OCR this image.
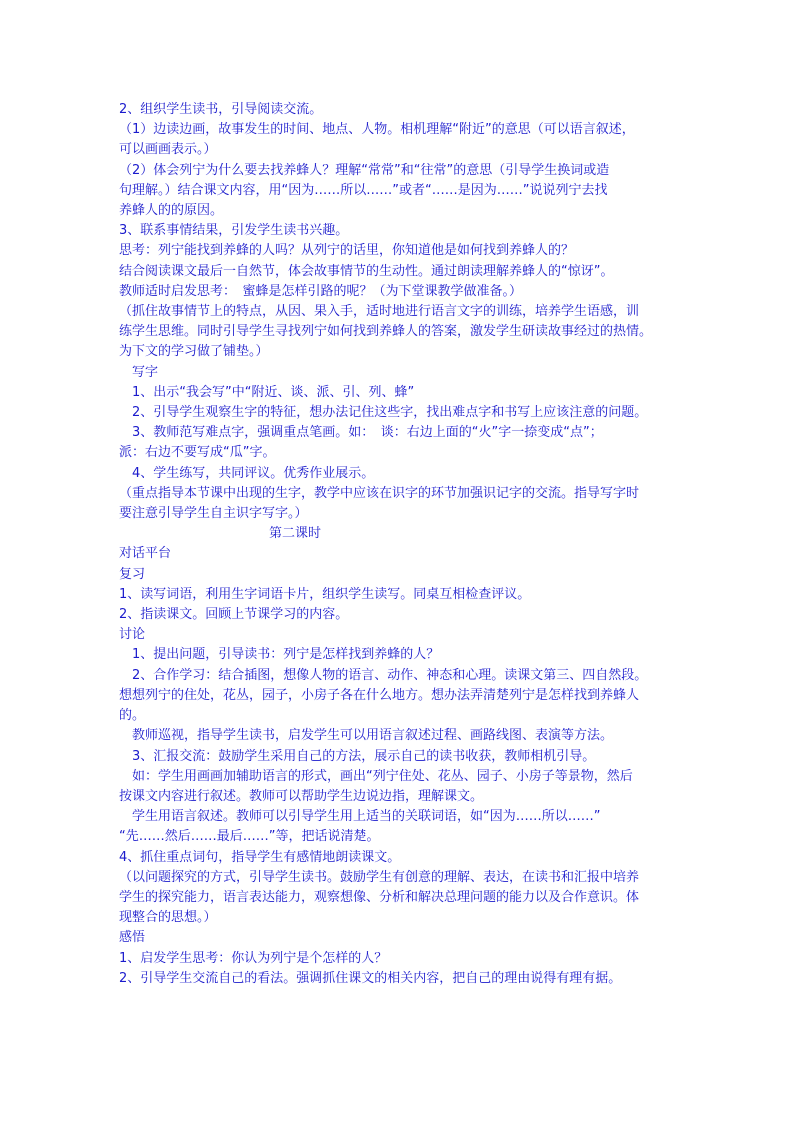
2、组织学生读书，引导阅读交流。

（1）边读边画，故事发生的时间、地点、人物。相机理解“附近”的意思（可以语言叙述，

可以画画表示。）

（2）体会列宁为什么要去找养蜂人？理解“常常”和“往常”的意思（引导学生换词或造

句理解。）结合课文内容，用“因为……所以……”或者“……是因为……”说说列宁去找

养蜂人的的原因。

3、联系事情结果，引发学生读书兴趣。

思考：列宁能找到养蜂的人吗？从列宁的话里，你知道他是如何找到养蜂人的？

结合阅读课文最后一自然节，体会故事情节的生动性。通过朗读理解养蜂人的“惊讶”。

教师适时启发思考：　蜜蜂是怎样引路的呢？（为下堂课教学做准备。）

（抓住故事情节上的特点，从因、果入手，适时地进行语言文字的训练，培养学生语感，训

练学生思维。同时引导学生寻找列宁如何找到养蜂人的答案，激发学生研读故事经过的热情。

为下文的学习做了铺垫。）

　写字

　1、出示“我会写”中“附近、谈、派、引、列、蜂”

　2、引导学生观察生字的特征，想办法记住这些字，找出难点字和书写上应该注意的问题。

　3、教师范写难点字，强调重点笔画。如：　谈：右边上面的“火”字一捺变成“点”；

派：右边不要写成“瓜”字。

　4、学生练写，共同评议。优秀作业展示。

（重点指导本节课中出现的生字，教学中应该在识字的环节加强识记字的交流。指导写字时

要注意引导学生自主识字写字。）

第二课时

对话平台

复习

1、读写词语，利用生字词语卡片，组织学生读写。同桌互相检查评议。

2、指读课文。回顾上节课学习的内容。

讨论

　1、提出问题，引导读书：列宁是怎样找到养蜂的人？

　2、合作学习：结合插图，想像人物的语言、动作、神态和心理。读课文第三、四自然段。

想想列宁的住处，花丛，园子，小房子各在什么地方。想办法弄清楚列宁是怎样找到养蜂人

的。

　教师巡视，指导学生读书，启发学生可以用语言叙述过程、画路线图、表演等方法。

　3、汇报交流：鼓励学生采用自己的方法，展示自己的读书收获，教师相机引导。

　如：学生用画画加辅助语言的形式，画出“列宁住处、花丛、园子、小房子等景物，然后

按课文内容进行叙述。教师可以帮助学生边说边指，理解课文。

　学生用语言叙述。教师可以引导学生用上适当的关联词语，如“因为……所以……”

“先……然后……最后……”等，把话说清楚。

4、抓住重点词句，指导学生有感情地朗读课文。

（以问题探究的方式，引导学生读书。鼓励学生有创意的理解、表达，在读书和汇报中培养

学生的探究能力，语言表达能力，观察想像、分析和解决总理问题的能力以及合作意识。体

现整合的思想。）

感悟

1、启发学生思考：你认为列宁是个怎样的人？

2、引导学生交流自己的看法。强调抓住课文的相关内容，把自己的理由说得有理有据。
